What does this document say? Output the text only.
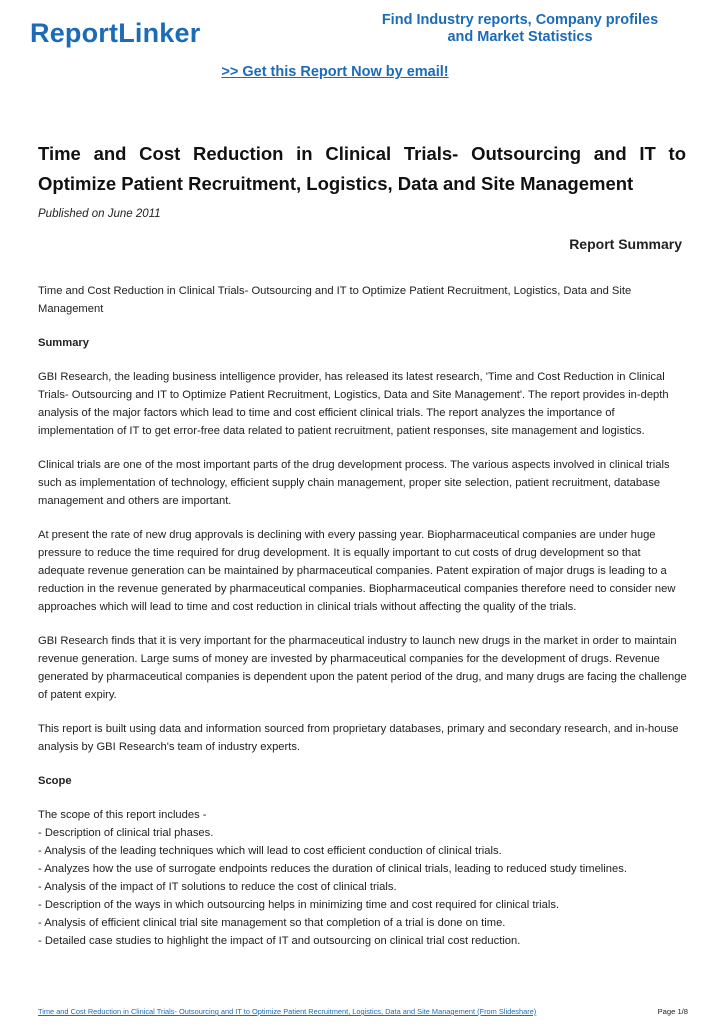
ReportLinker	Find Industry reports, Company profiles
and Market Statistics
>> Get this Report Now by email!
Time and Cost Reduction in Clinical Trials- Outsourcing and IT to Optimize Patient Recruitment, Logistics, Data and Site Management
Published on June 2011
Report Summary

Time and Cost Reduction in Clinical Trials- Outsourcing and IT to Optimize Patient Recruitment, Logistics, Data and Site Management

Summary

GBI Research, the leading business intelligence provider, has released its latest research, 'Time and Cost Reduction in Clinical Trials- Outsourcing and IT to Optimize Patient Recruitment, Logistics, Data and Site Management'. The report provides in-depth analysis of the major factors which lead to time and cost efficient clinical trials. The report analyzes the importance of implementation of IT to get error-free data related to patient recruitment, patient responses, site management and logistics.

Clinical trials are one of the most important parts of the drug development process. The various aspects involved in clinical trials such as implementation of technology, efficient supply chain management, proper site selection, patient recruitment, database management and others are important.

At present the rate of new drug approvals is declining with every passing year. Biopharmaceutical companies are under huge pressure to reduce the time required for drug development. It is equally important to cut costs of drug development so that adequate revenue generation can be maintained by pharmaceutical companies. Patent expiration of major drugs is leading to a reduction in the revenue generated by pharmaceutical companies. Biopharmaceutical companies therefore need to consider new approaches which will lead to time and cost reduction in clinical trials without affecting the quality of the trials.

GBI Research finds that it is very important for the pharmaceutical industry to launch new drugs in the market in order to maintain revenue generation. Large sums of money are invested by pharmaceutical companies for the development of drugs. Revenue generated by pharmaceutical companies is dependent upon the patent period of the drug, and many drugs are facing the challenge of patent expiry.

This report is built using data and information sourced from proprietary databases, primary and secondary research, and in-house analysis by GBI Research's team of industry experts.

Scope

The scope of this report includes -

- Description of clinical trial phases.

- Analysis of the leading techniques which will lead to cost efficient conduction of clinical trials.

- Analyzes how the use of surrogate endpoints reduces the duration of clinical trials, leading to reduced study timelines.

- Analysis of the impact of IT solutions to reduce the cost of clinical trials.

- Description of the ways in which outsourcing helps in minimizing time and cost required for clinical trials.

- Analysis of efficient clinical trial site management so that completion of a trial is done on time.

- Detailed case studies to highlight the impact of IT and outsourcing on clinical trial cost reduction.

Time and Cost Reduction in Clinical Trials- Outsourcing and IT to Optimize Patient Recruitment, Logistics, Data and Site Management (From Slideshare)	Page 1/8
